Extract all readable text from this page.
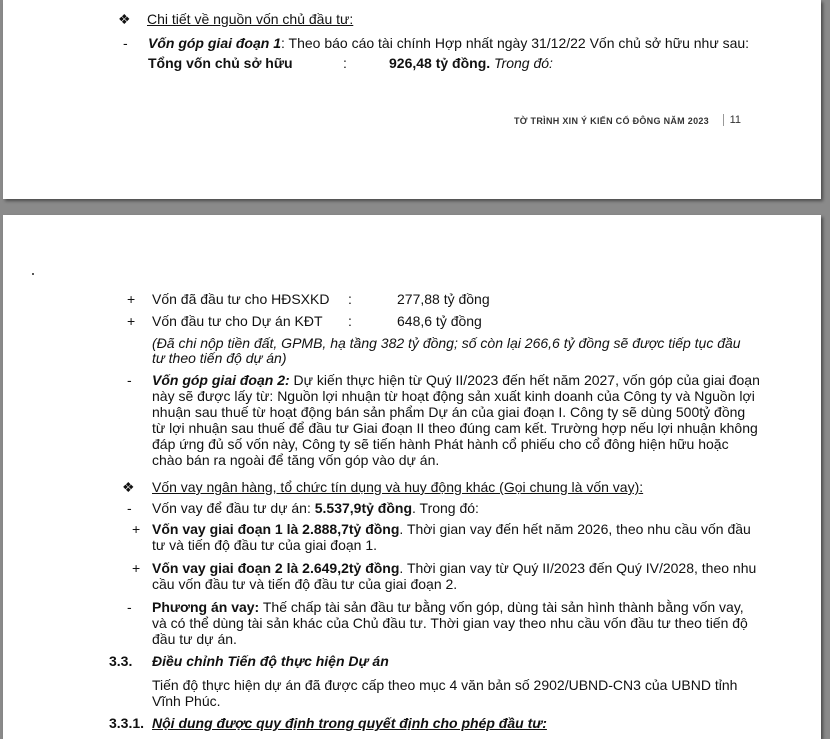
❖ Chi tiết về nguồn vốn chủ đầu tư:
- Vốn góp giai đoạn 1: Theo báo cáo tài chính Hợp nhất ngày 31/12/22 Vốn chủ sở hữu như sau:
Tổng vốn chủ sở hữu	:	926,48 tỷ đồng. Trong đó:
TỜ TRÌNH XIN Ý KIẾN CỔ ĐÔNG NĂM 2023	11
+ Vốn đã đầu tư cho HĐSXKD :	277,88 tỷ đồng
+ Vốn đầu tư cho Dự án KĐT :	648,6 tỷ đồng
(Đã chi nộp tiền đất, GPMB, hạ tầng 382 tỷ đồng; số còn lại 266,6 tỷ đồng sẽ được tiếp tục đầu
tư theo tiến độ dự án)
- Vốn góp giai đoạn 2: Dự kiến thực hiện từ Quý II/2023 đến hết năm 2027, vốn góp của giai đoạn
này sẽ được lấy từ: Nguồn lợi nhuận từ hoạt động sản xuất kinh doanh của Công ty và Nguồn lợi
nhuận sau thuế từ hoạt động bán sản phẩm Dự án của giai đoạn I. Công ty sẽ dùng 500tỷ đồng
từ lợi nhuận sau thuế để đầu tư Giai đoạn II theo đúng cam kết. Trường hợp nếu lợi nhuận không
đáp ứng đủ số vốn này, Công ty sẽ tiến hành Phát hành cổ phiếu cho cổ đông hiện hữu hoặc
chào bán ra ngoài để tăng vốn góp vào dự án.
❖ Vốn vay ngân hàng, tổ chức tín dụng và huy động khác (Gọi chung là vốn vay):
- Vốn vay để đầu tư dự án: 5.537,9tỷ đồng. Trong đó:
+ Vốn vay giai đoạn 1 là 2.888,7tỷ đồng. Thời gian vay đến hết năm 2026, theo nhu cầu vốn đầu
tư và tiến độ đầu tư của giai đoạn 1.
+ Vốn vay giai đoạn 2 là 2.649,2tỷ đồng. Thời gian vay từ Quý II/2023 đến Quý IV/2028, theo nhu
cầu vốn đầu tư và tiến độ đầu tư của giai đoạn 2.
- Phương án vay: Thế chấp tài sản đầu tư bằng vốn góp, dùng tài sản hình thành bằng vốn vay,
và có thể dùng tài sản khác của Chủ đầu tư. Thời gian vay theo nhu cầu vốn đầu tư theo tiến độ
đầu tư dự án.
3.3. Điều chỉnh Tiến độ thực hiện Dự án
Tiến độ thực hiện dự án đã được cấp theo mục 4 văn bản số 2902/UBND-CN3 của UBND tỉnh
Vĩnh Phúc.
3.3.1. Nội dung được quy định trong quyết định cho phép đầu tư:
